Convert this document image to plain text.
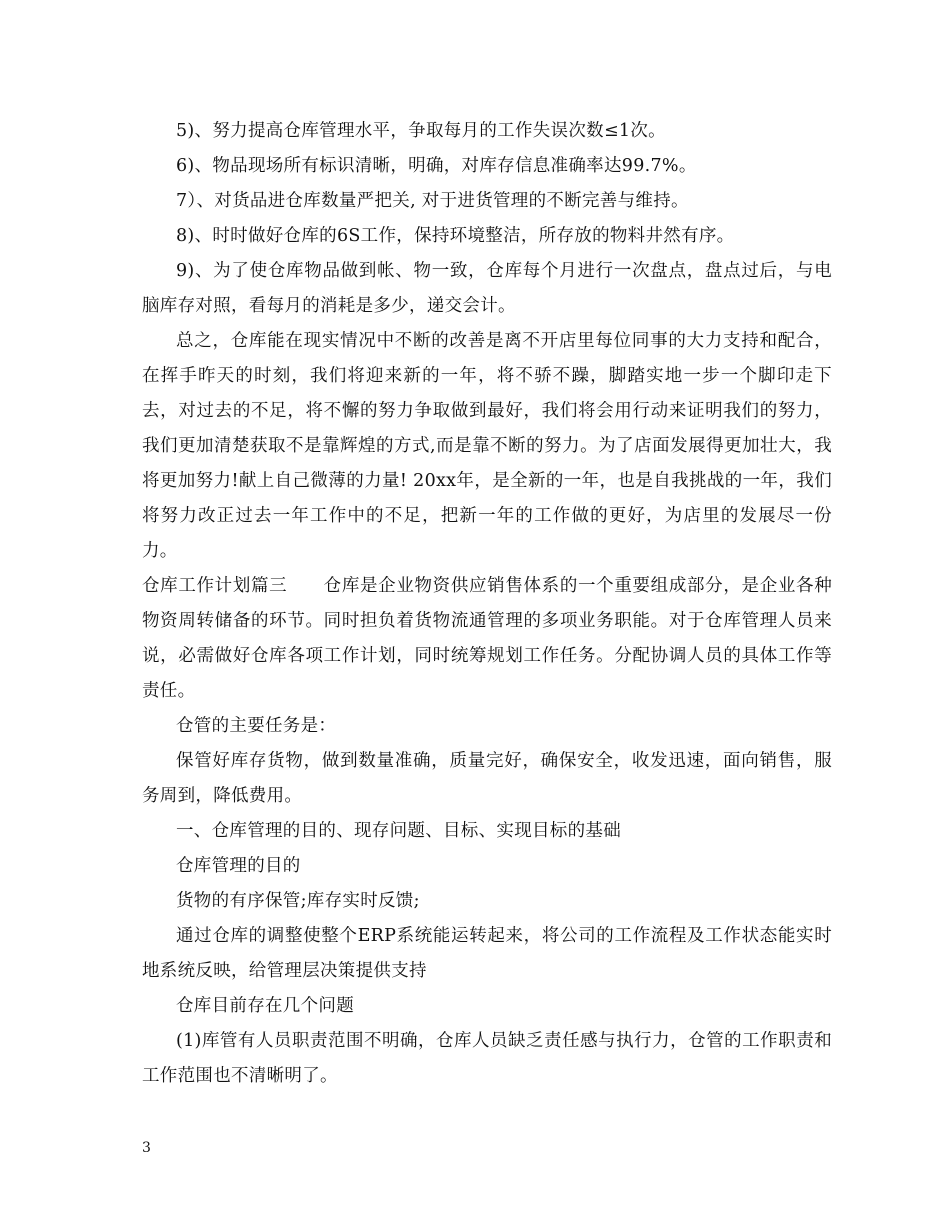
5)、努力提高仓库管理水平，争取每月的工作失误次数≤1次。

6)、物品现场所有标识清晰，明确，对库存信息准确率达99.7%。

7）、对货品进仓库数量严把关, 对于进货管理的不断完善与维持。

8)、时时做好仓库的6S工作，保持环境整洁，所存放的物料井然有序。

9)、为了使仓库物品做到帐、物一致，仓库每个月进行一次盘点，盘点过后，与电脑库存对照，看每月的消耗是多少，递交会计。

总之，仓库能在现实情况中不断的改善是离不开店里每位同事的大力支持和配合，在挥手昨天的时刻，我们将迎来新的一年，将不骄不躁，脚踏实地一步一个脚印走下去，对过去的不足，将不懈的努力争取做到最好，我们将会用行动来证明我们的努力，我们更加清楚获取不是靠辉煌的方式,而是靠不断的努力。为了店面发展得更加壮大，我将更加努力!献上自己微薄的力量! 20xx年，是全新的一年，也是自我挑战的一年，我们将努力改正过去一年工作中的不足，把新一年的工作做的更好，为店里的发展尽一份力。

仓库工作计划篇三　　仓库是企业物资供应销售体系的一个重要组成部分，是企业各种物资周转储备的环节。同时担负着货物流通管理的多项业务职能。对于仓库管理人员来说，必需做好仓库各项工作计划，同时统筹规划工作任务。分配协调人员的具体工作等责任。

仓管的主要任务是：

保管好库存货物，做到数量准确，质量完好，确保安全，收发迅速，面向销售，服务周到，降低费用。

一、仓库管理的目的、现存问题、目标、实现目标的基础

仓库管理的目的

货物的有序保管;库存实时反馈;

通过仓库的调整使整个ERP系统能运转起来，将公司的工作流程及工作状态能实时地系统反映，给管理层决策提供支持

仓库目前存在几个问题

(1)库管有人员职责范围不明确，仓库人员缺乏责任感与执行力，仓管的工作职责和工作范围也不清晰明了。

3
